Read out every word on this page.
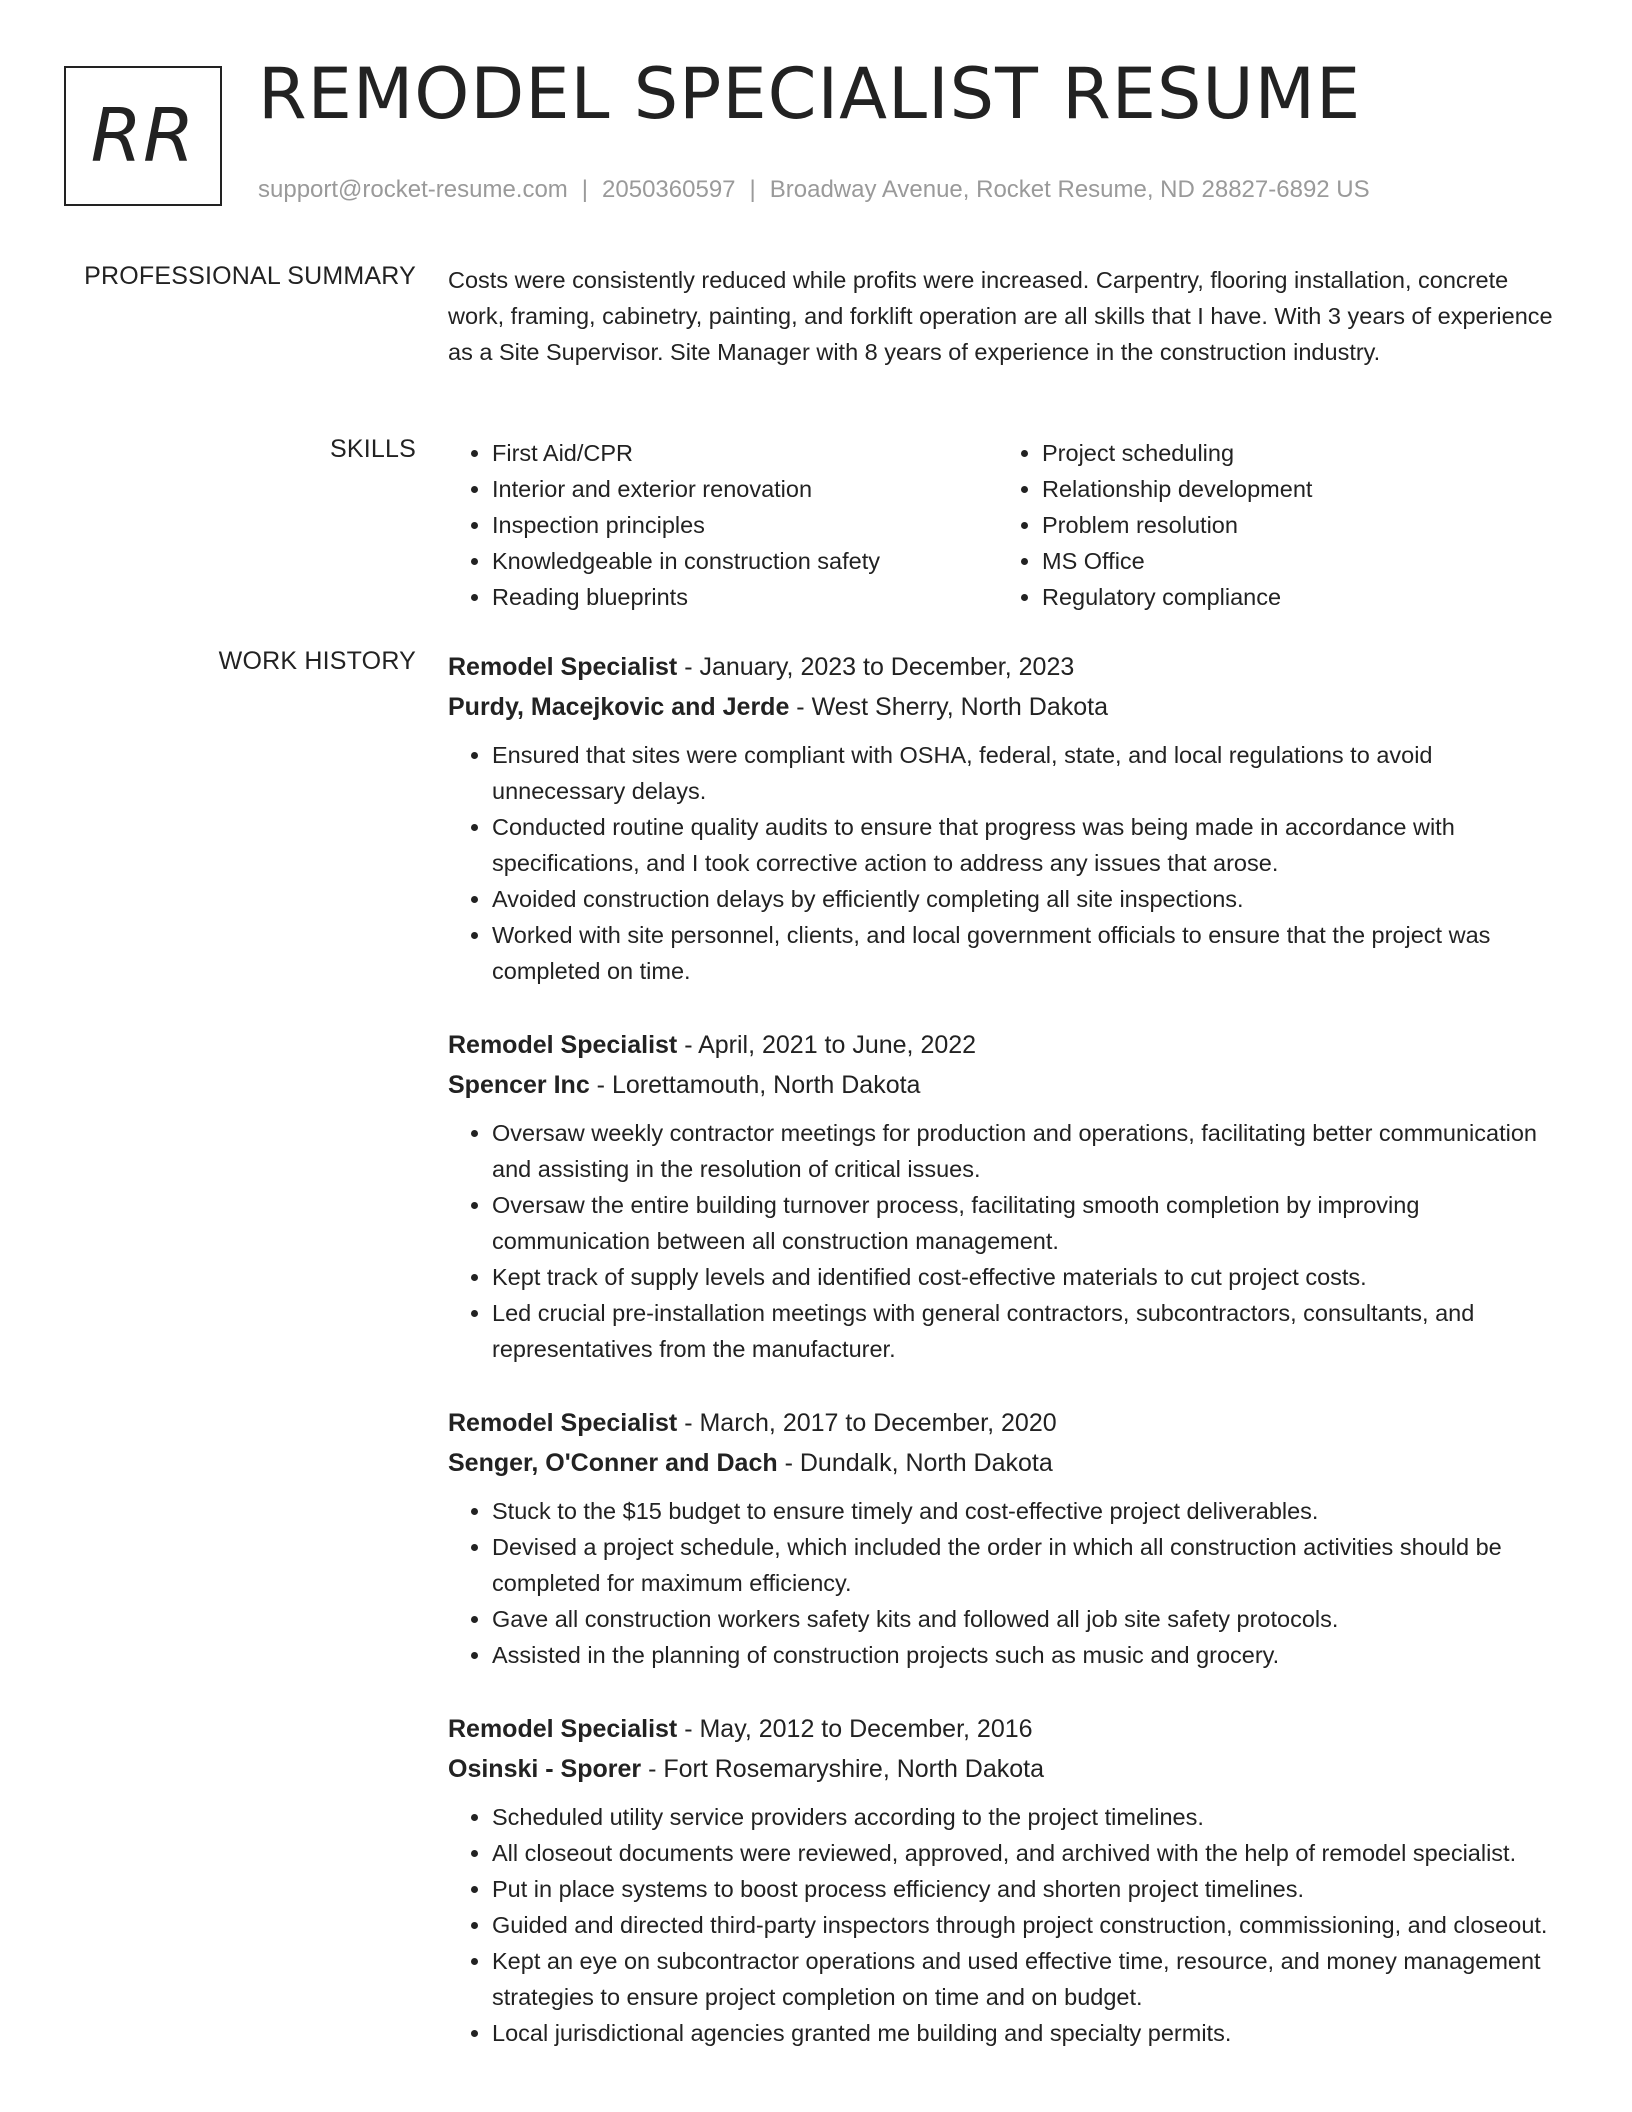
RR REMODEL SPECIALIST RESUME
support@rocket-resume.com | 2050360597 | Broadway Avenue, Rocket Resume, ND 28827-6892 US
PROFESSIONAL SUMMARY Costs were consistently reduced while profits were increased. Carpentry, flooring installation, concrete work, framing, cabinetry, painting, and forklift operation are all skills that I have. With 3 years of experience as a Site Supervisor. Site Manager with 8 years of experience in the construction industry.

SKILLS
•	First Aid/CPR
• Interior and exterior renovation
• Inspection principles
• Knowledgeable in construction safety
• Reading blueprints
• Project scheduling
• Relationship development
• Problem resolution
• MS Office
• Regulatory compliance
WORK HISTORY Remodel Specialist - January, 2023 to December, 2023
Purdy, Macejkovic and Jerde - West Sherry, North Dakota
• Ensured that sites were compliant with OSHA, federal, state, and local regulations to avoid unnecessary delays.
• Conducted routine quality audits to ensure that progress was being made in accordance with specifications, and I took corrective action to address any issues that arose.
• Avoided construction delays by efficiently completing all site inspections.
• Worked with site personnel, clients, and local government officials to ensure that the project was completed on time.
Remodel Specialist - April, 2021 to June, 2022
Spencer Inc - Lorettamouth, North Dakota
• Oversaw weekly contractor meetings for production and operations, facilitating better communication and assisting in the resolution of critical issues.
• Oversaw the entire building turnover process, facilitating smooth completion by improving communication between all construction management.
• Kept track of supply levels and identified cost-effective materials to cut project costs.
• Led crucial pre-installation meetings with general contractors, subcontractors, consultants, and representatives from the manufacturer.
Remodel Specialist - March, 2017 to December, 2020
Senger, O'Conner and Dach - Dundalk, North Dakota
• Stuck to the $15 budget to ensure timely and cost-effective project deliverables.
• Devised a project schedule, which included the order in which all construction activities should be completed for maximum efficiency.
• Gave all construction workers safety kits and followed all job site safety protocols.
• Assisted in the planning of construction projects such as music and grocery.
Remodel Specialist - May, 2012 to December, 2016
Osinski - Sporer - Fort Rosemaryshire, North Dakota
• Scheduled utility service providers according to the project timelines.
• All closeout documents were reviewed, approved, and archived with the help of remodel specialist.
• Put in place systems to boost process efficiency and shorten project timelines.
• Guided and directed third-party inspectors through project construction, commissioning, and closeout.
• Kept an eye on subcontractor operations and used effective time, resource, and money management strategies to ensure project completion on time and on budget.
• Local jurisdictional agencies granted me building and specialty permits.
